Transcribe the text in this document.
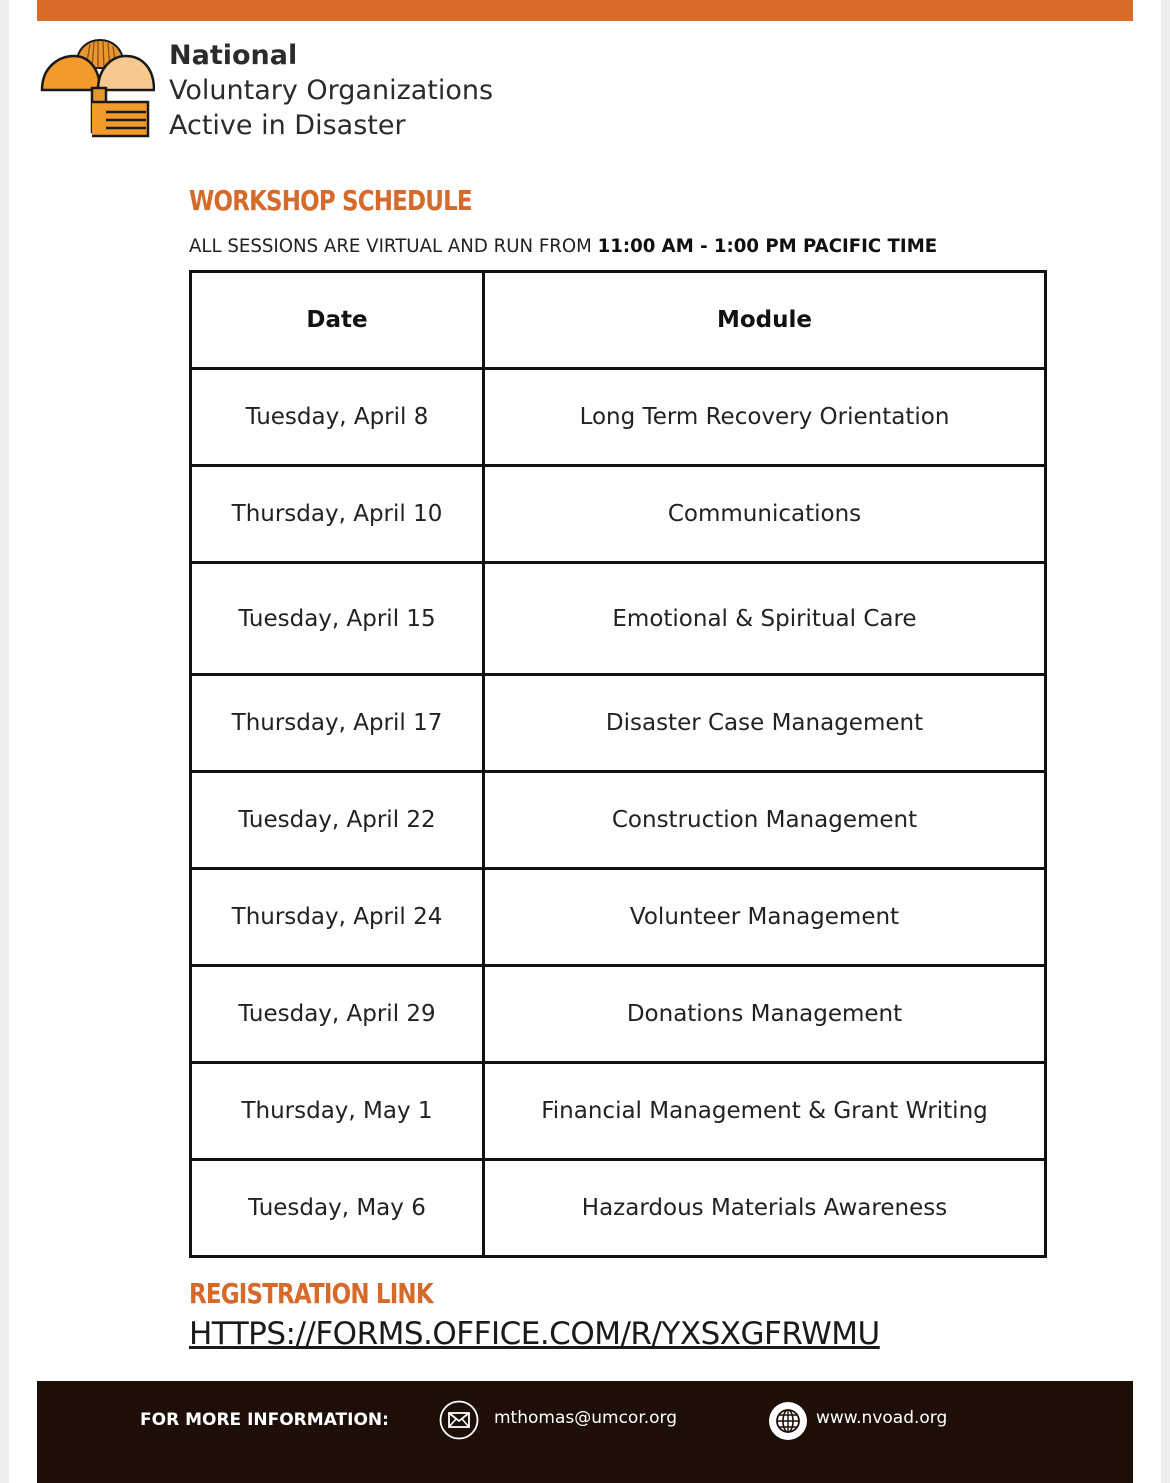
National
Voluntary Organizations
Active in Disaster
WORKSHOP SCHEDULE
ALL SESSIONS ARE VIRTUAL AND RUN FROM 11:00 AM - 1:00 PM PACIFIC TIME
Date	Module
Tuesday, April 8	Long Term Recovery Orientation
Thursday, April 10	Communications
Tuesday, April 15	Emotional & Spiritual Care
Thursday, April 17	Disaster Case Management
Tuesday, April 22	Construction Management
Thursday, April 24	Volunteer Management
Tuesday, April 29	Donations Management
Thursday, May 1	Financial Management & Grant Writing
Tuesday, May 6	Hazardous Materials Awareness
REGISTRATION LINK
HTTPS://FORMS.OFFICE.COM/R/YXSXGFRWMU
FOR MORE INFORMATION:	mthomas@umcor.org	www.nvoad.org
